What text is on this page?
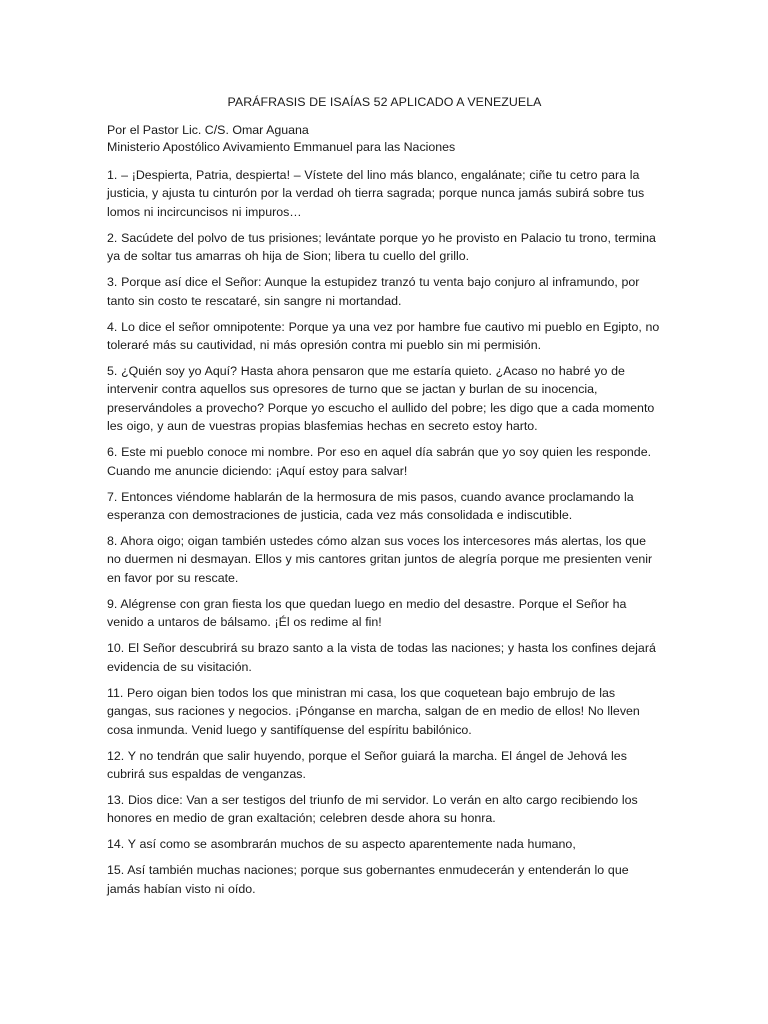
PARÁFRASIS DE ISAÍAS 52 APLICADO A VENEZUELA
Por el Pastor Lic. C/S. Omar Aguana
Ministerio Apostólico Avivamiento Emmanuel para las Naciones

1. – ¡Despierta, Patria, despierta! – Vístete del lino más blanco, engalánate; ciñe tu cetro para la justicia, y ajusta tu cinturón por la verdad oh tierra sagrada; porque nunca jamás subirá sobre tus lomos ni incircuncisos ni impuros…

2. Sacúdete del polvo de tus prisiones; levántate porque yo he provisto en Palacio tu trono, termina ya de soltar tus amarras oh hija de Sion; libera tu cuello del grillo.

3. Porque así dice el Señor: Aunque la estupidez tranzó tu venta bajo conjuro al inframundo, por tanto sin costo te rescataré, sin sangre ni mortandad.

4. Lo dice el señor omnipotente: Porque ya una vez por hambre fue cautivo mi pueblo en Egipto, no toleraré más su cautividad, ni más opresión contra mi pueblo sin mi permisión.

5. ¿Quién soy yo Aquí? Hasta ahora pensaron que me estaría quieto. ¿Acaso no habré yo de intervenir contra aquellos sus opresores de turno que se jactan y burlan de su inocencia, preservándoles a provecho? Porque yo escucho el aullido del pobre; les digo que a cada momento les oigo, y aun de vuestras propias blasfemias hechas en secreto estoy harto.

6. Este mi pueblo conoce mi nombre. Por eso en aquel día sabrán que yo soy quien les responde. Cuando me anuncie diciendo: ¡Aquí estoy para salvar!

7. Entonces viéndome hablarán de la hermosura de mis pasos, cuando avance proclamando la esperanza con demostraciones de justicia, cada vez más consolidada e indiscutible.

8. Ahora oigo; oigan también ustedes cómo alzan sus voces los intercesores más alertas, los que no duermen ni desmayan. Ellos y mis cantores gritan juntos de alegría porque me presienten venir en favor por su rescate.

9. Alégrense con gran fiesta los que quedan luego en medio del desastre. Porque el Señor ha venido a untaros de bálsamo. ¡Él os redime al fin!

10. El Señor descubrirá su brazo santo a la vista de todas las naciones; y hasta los confines dejará evidencia de su visitación.

11. Pero oigan bien todos los que ministran mi casa, los que coquetean bajo embrujo de las gangas, sus raciones y negocios. ¡Pónganse en marcha, salgan de en medio de ellos! No lleven cosa inmunda. Venid luego y santifíquense del espíritu babilónico.

12. Y no tendrán que salir huyendo, porque el Señor guiará la marcha. El ángel de Jehová les cubrirá sus espaldas de venganzas.

13. Dios dice: Van a ser testigos del triunfo de mi servidor. Lo verán en alto cargo recibiendo los honores en medio de gran exaltación; celebren desde ahora su honra.

14. Y así como se asombrarán muchos de su aspecto aparentemente nada humano,

15. Así también muchas naciones; porque sus gobernantes enmudecerán y entenderán lo que jamás habían visto ni oído.
